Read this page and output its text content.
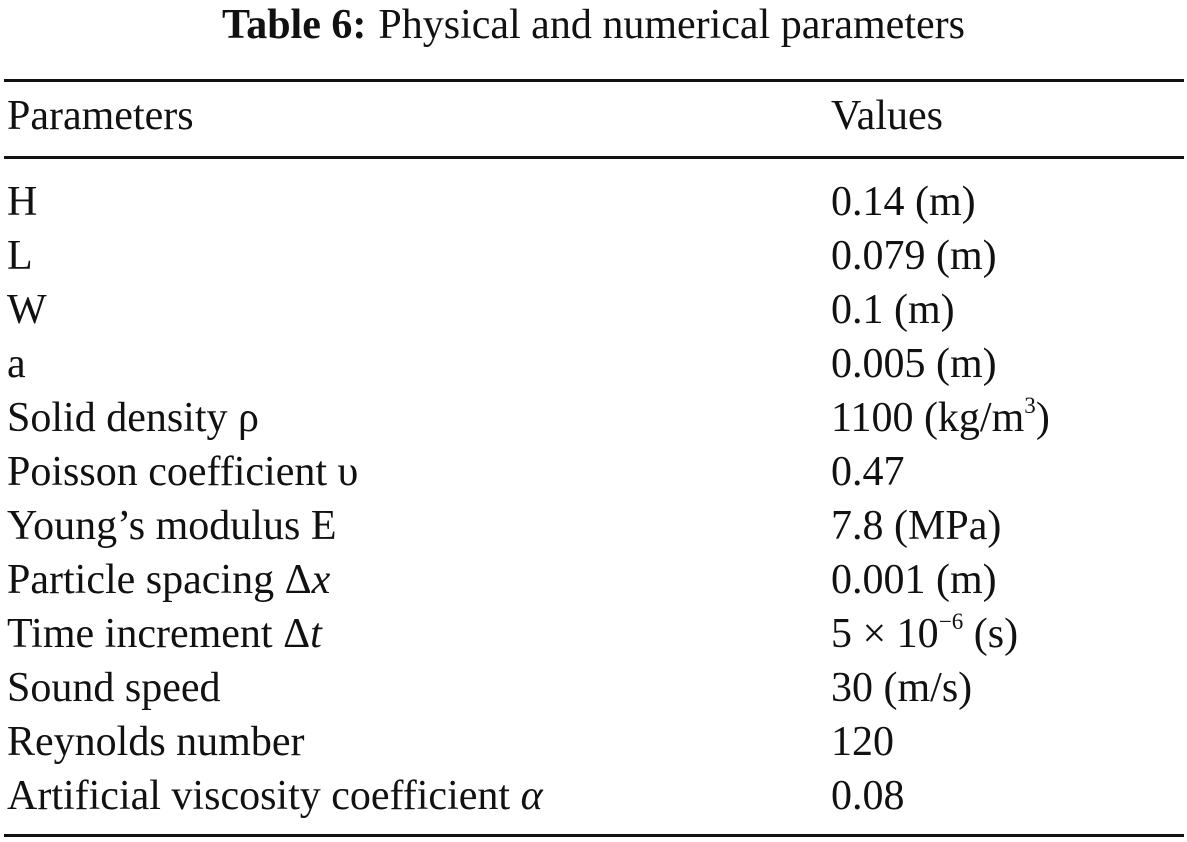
Table 6: Physical and numerical parameters
Parameters	Values
H	0.14 (m)
L	0.079 (m)
W	0.1 (m)
a	0.005 (m)
Solid density ρ	1100 $(kg/m^3)$
Poisson coefficient υ	0.47
Young’s modulus E	7.8 (MPa)
Particle spacing Δx	0.001 (m)
Time increment Δt	$5 \times 10^{-6}$ (s)
Sound speed	30 (m/s)
Reynolds number	120
Artificial viscosity coefficient α	0.08
